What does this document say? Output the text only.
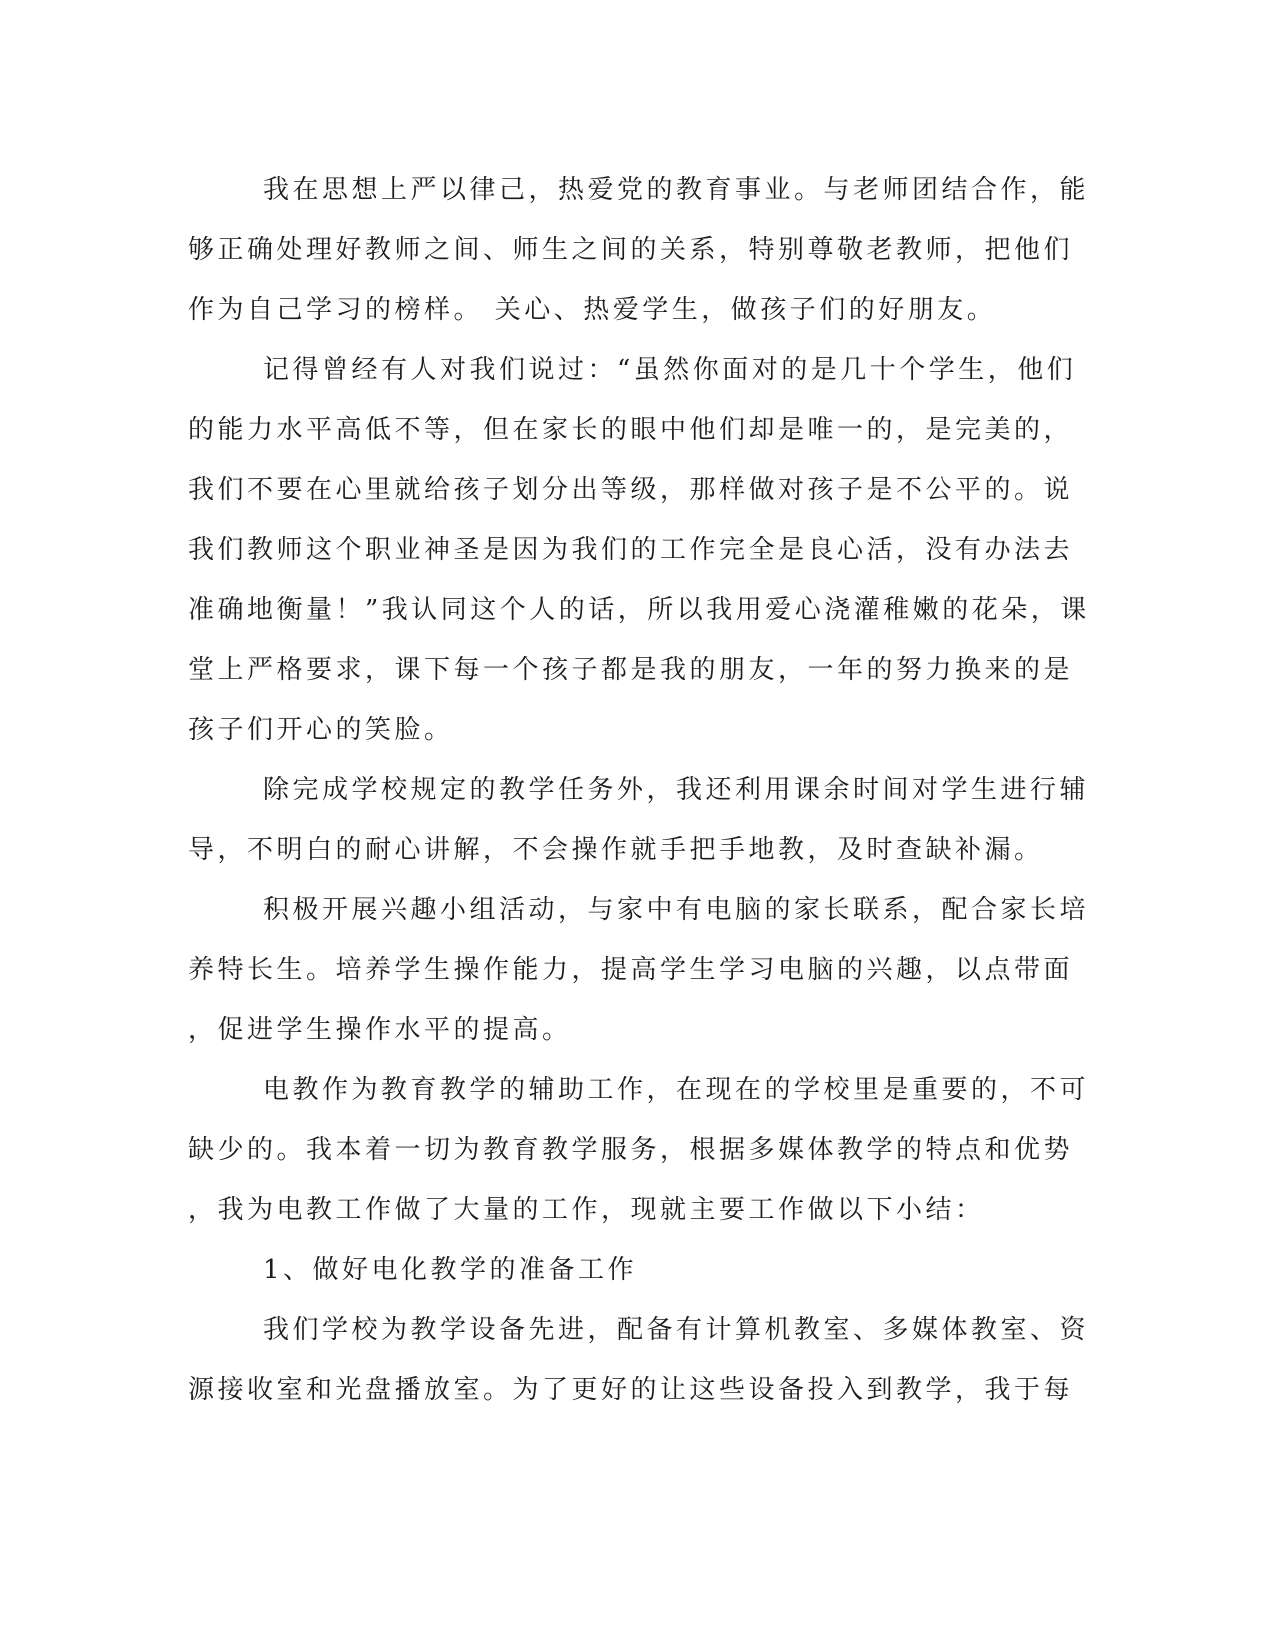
我在思想上严以律己，热爱党的教育事业。与老师团结合作，能
够正确处理好教师之间、师生之间的关系，特别尊敬老教师，把他们
作为自己学习的榜样。 关心、热爱学生，做孩子们的好朋友。
记得曾经有人对我们说过：“虽然你面对的是几十个学生，他们
的能力水平高低不等，但在家长的眼中他们却是唯一的，是完美的，
我们不要在心里就给孩子划分出等级，那样做对孩子是不公平的。说
我们教师这个职业神圣是因为我们的工作完全是良心活，没有办法去
准确地衡量！”我认同这个人的话，所以我用爱心浇灌稚嫩的花朵，课
堂上严格要求，课下每一个孩子都是我的朋友，一年的努力换来的是
孩子们开心的笑脸。
除完成学校规定的教学任务外，我还利用课余时间对学生进行辅
导，不明白的耐心讲解，不会操作就手把手地教，及时查缺补漏。
积极开展兴趣小组活动，与家中有电脑的家长联系，配合家长培
养特长生。培养学生操作能力，提高学生学习电脑的兴趣，以点带面
，促进学生操作水平的提高。
电教作为教育教学的辅助工作，在现在的学校里是重要的，不可
缺少的。我本着一切为教育教学服务，根据多媒体教学的特点和优势
，我为电教工作做了大量的工作，现就主要工作做以下小结：
1、做好电化教学的准备工作
我们学校为教学设备先进，配备有计算机教室、多媒体教室、资
源接收室和光盘播放室。为了更好的让这些设备投入到教学，我于每
